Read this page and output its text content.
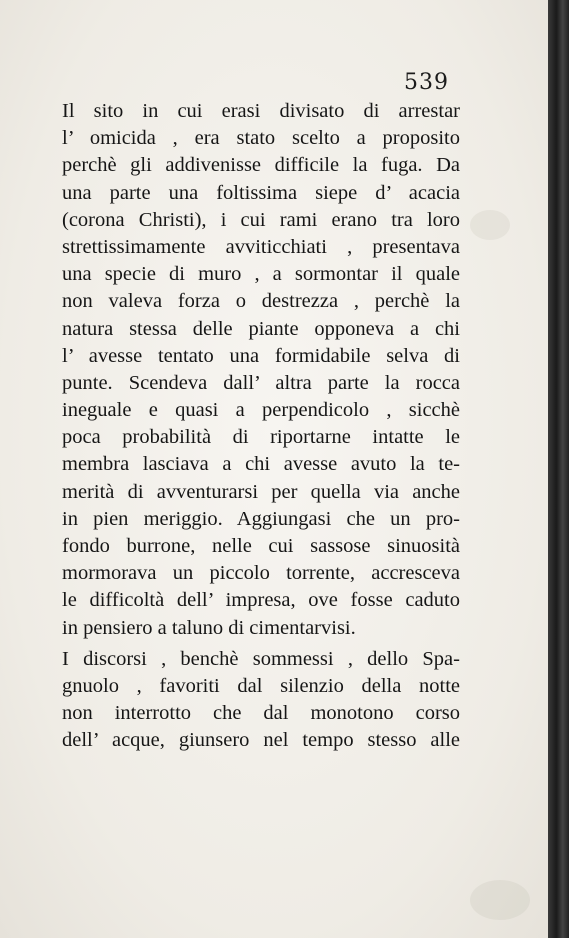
539
Il sito in cui erasi divisato di arrestar
l’ omicida , era stato scelto a proposito
perchè gli addivenisse difficile la fuga. Da
una parte una foltissima siepe d’ acacia
(corona Christi), i cui rami erano tra loro
strettissimamente avviticchiati , presentava
una specie di muro , a sormontar il quale
non valeva forza o destrezza , perchè la
natura stessa delle piante opponeva a chi
l’ avesse tentato una formidabile selva di
punte. Scendeva dall’ altra parte la rocca
ineguale e quasi a perpendicolo , sicchè
poca probabilità di riportarne intatte le
membra lasciava a chi avesse avuto la te-
merità di avventurarsi per quella via anche
in pien meriggio. Aggiungasi che un pro-
fondo burrone, nelle cui sassose sinuosità
mormorava un piccolo torrente, accresceva
le difficoltà dell’ impresa, ove fosse caduto
in pensiero a taluno di cimentarvisi.
I discorsi , benchè sommessi , dello Spa-
gnuolo , favoriti dal silenzio della notte
non interrotto che dal monotono corso
dell’ acque, giunsero nel tempo stesso alle
